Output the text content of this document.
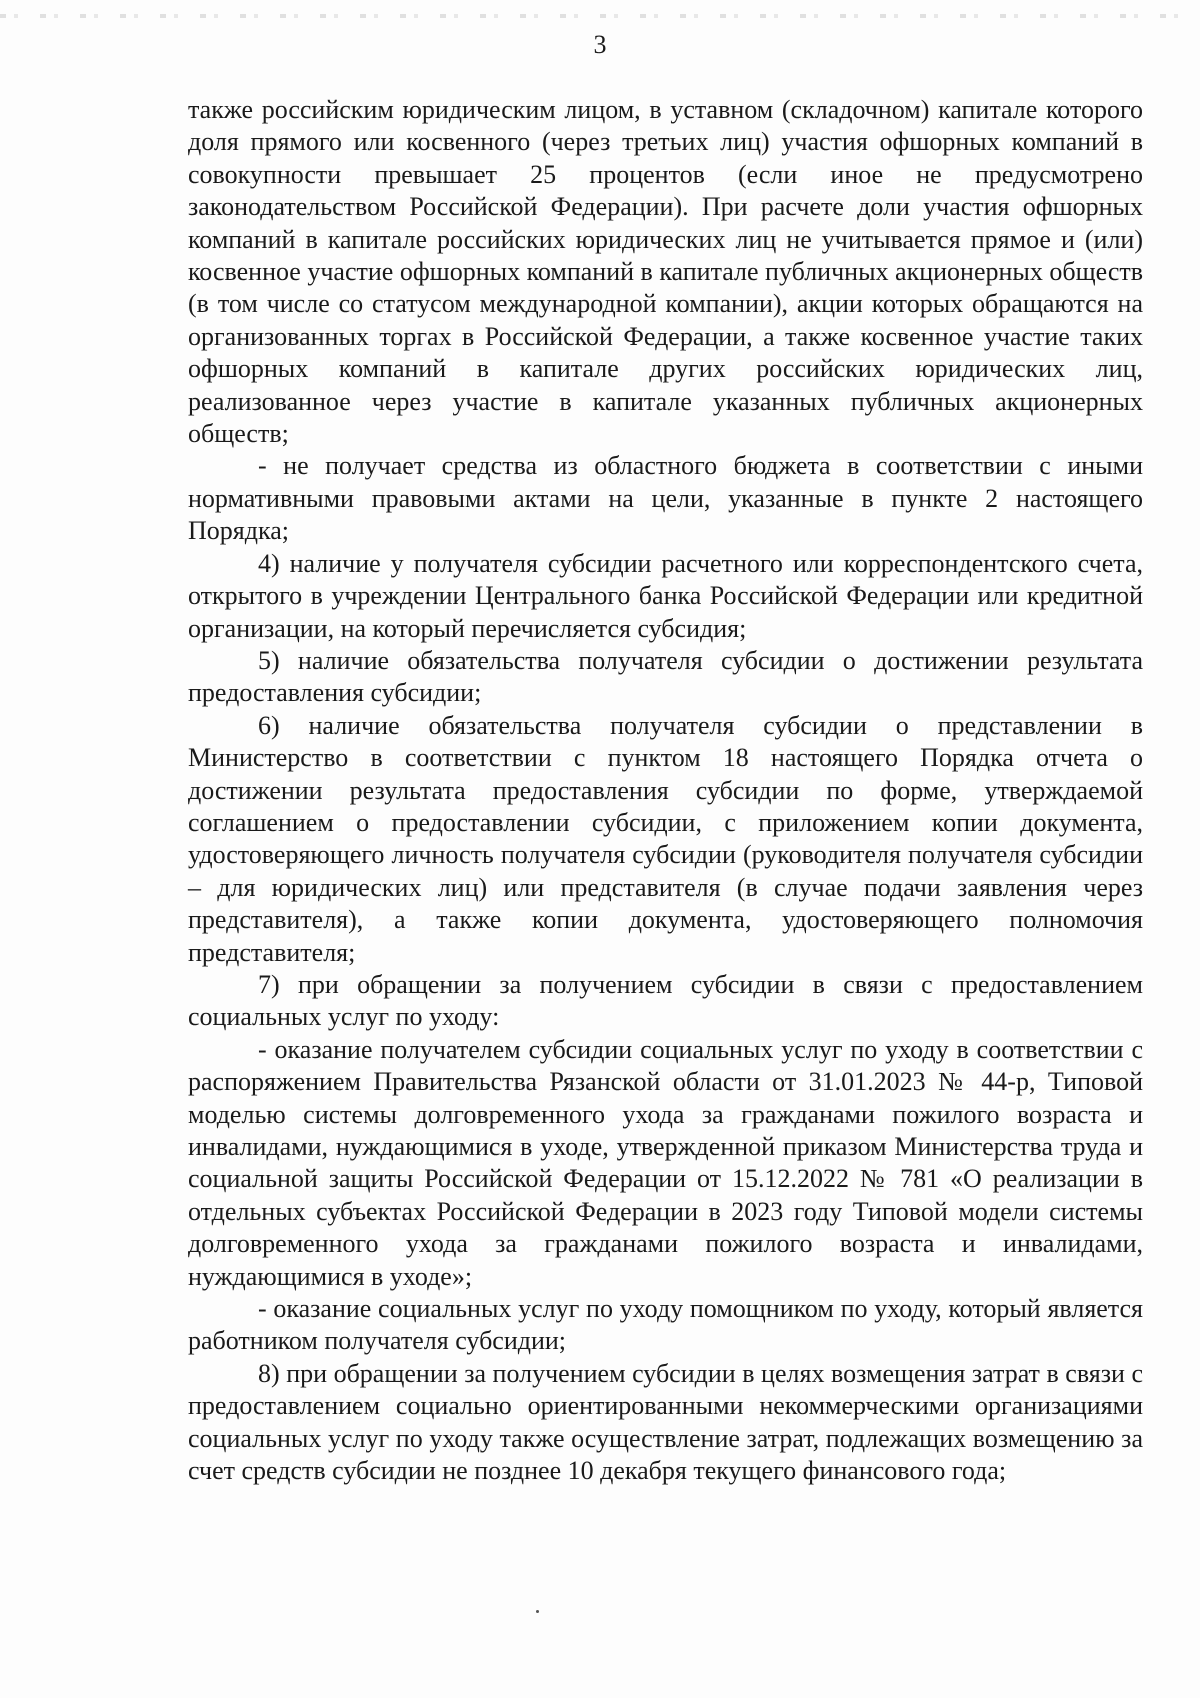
3

также российским юридическим лицом, в уставном (складочном) капитале которого доля прямого или косвенного (через третьих лиц) участия офшорных компаний в совокупности превышает 25 процентов (если иное не предусмотрено законодательством Российской Федерации). При расчете доли участия офшорных компаний в капитале российских юридических лиц не учитывается прямое и (или) косвенное участие офшорных компаний в капитале публичных акционерных обществ (в том числе со статусом международной компании), акции которых обращаются на организованных торгах в Российской Федерации, а также косвенное участие таких офшорных компаний в капитале других российских юридических лиц, реализованное через участие в капитале указанных публичных акционерных обществ;

- не получает средства из областного бюджета в соответствии с иными нормативными правовыми актами на цели, указанные в пункте 2 настоящего Порядка;

4) наличие у получателя субсидии расчетного или корреспондентского счета, открытого в учреждении Центрального банка Российской Федерации или кредитной организации, на который перечисляется субсидия;

5) наличие обязательства получателя субсидии о достижении результата предоставления субсидии;

6) наличие обязательства получателя субсидии о представлении в Министерство в соответствии с пунктом 18 настоящего Порядка отчета о достижении результата предоставления субсидии по форме, утверждаемой соглашением о предоставлении субсидии, с приложением копии документа, удостоверяющего личность получателя субсидии (руководителя получателя субсидии – для юридических лиц) или представителя (в случае подачи заявления через представителя), а также копии документа, удостоверяющего полномочия представителя;

7) при обращении за получением субсидии в связи с предоставлением социальных услуг по уходу:

- оказание получателем субсидии социальных услуг по уходу в соответствии с распоряжением Правительства Рязанской области от 31.01.2023 № 44-р, Типовой моделью системы долговременного ухода за гражданами пожилого возраста и инвалидами, нуждающимися в уходе, утвержденной приказом Министерства труда и социальной защиты Российской Федерации от 15.12.2022 № 781 «О реализации в отдельных субъектах Российской Федерации в 2023 году Типовой модели системы долговременного ухода за гражданами пожилого возраста и инвалидами, нуждающимися в уходе»;

- оказание социальных услуг по уходу помощником по уходу, который является работником получателя субсидии;

8) при обращении за получением субсидии в целях возмещения затрат в связи с предоставлением социально ориентированными некоммерческими организациями социальных услуг по уходу также осуществление затрат, подлежащих возмещению за счет средств субсидии не позднее 10 декабря текущего финансового года;
